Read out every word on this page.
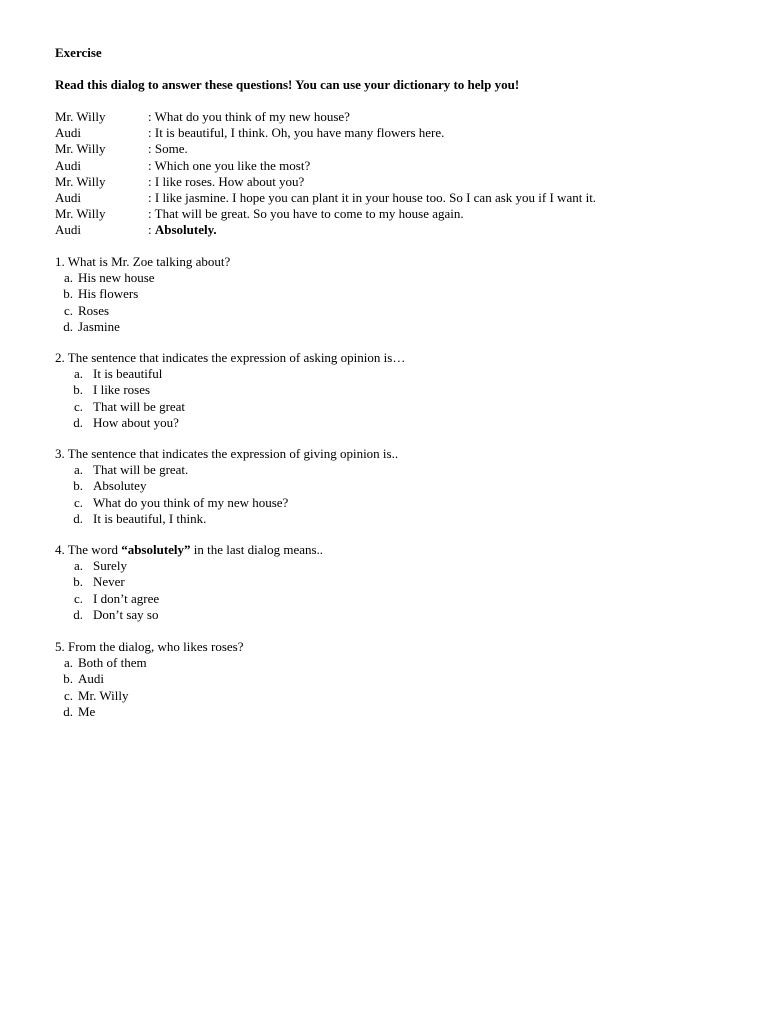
Exercise
Read this dialog to answer these questions! You can use your dictionary to help you!
Mr. Willy	: What do you think of my new house?
Audi	: It is beautiful, I think. Oh, you have many flowers here.
Mr. Willy	: Some.
Audi	: Which one you like the most?
Mr. Willy	: I like roses. How about you?
Audi	: I like jasmine. I hope you can plant it in your house too. So I can ask you if I want it.
Mr. Willy	: That will be great. So you have to come to my house again.
Audi	: Absolutely.
1. What is Mr. Zoe talking about?
a. His new house
b. His flowers
c. Roses
d. Jasmine
2. The sentence that indicates the expression of asking opinion is…
a. It is beautiful
b. I like roses
c. That will be great
d. How about you?
3. The sentence that indicates the expression of giving opinion is..
a. That will be great.
b. Absolutey
c. What do you think of my new house?
d. It is beautiful, I think.
4. The word “absolutely” in the last dialog means..
a. Surely
b. Never
c. I don’t agree
d. Don’t say so
5. From the dialog, who likes roses?
a. Both of them
b. Audi
c. Mr. Willy
d. Me
